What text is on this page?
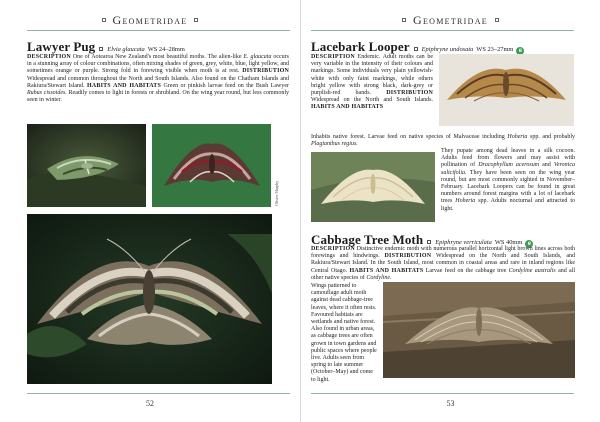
Geometridae
Lawyer Pug Elvia glaucata WS 24–28mm
DESCRIPTION One of Aotearoa New Zealand's most beautiful moths. The alien-like E. glaucata occurs in a stunning array of colour combinations, often mixing shades of green, grey, white, blue, light yellow, and sometimes orange or purple. Strong fold in forewing visible when moth is at rest. DISTRIBUTION Widespread and common throughout the North and South Islands. Also found on the Chatham Islands and Rakiura/Stewart Island. HABITS AND HABITATS Green or pinkish larvae feed on the Bush Lawyer Rubus cissoides. Readily comes to light in forests or shrubland. On the wing year round, but less commonly seen in winter.
Olivier Murphy
52
Geometridae
Lacebark Looper Epiphryne undosata WS 23–27mm e
DESCRIPTION Endemic. Adult moths can be very variable in the intensity of their colours and markings. Some individuals very plain yellowish-white with only faint markings, while others bright yellow with strong black, dark-grey or purplish-red bands.	DISTRIBUTION Widespread on the North and South Islands. HABITS AND HABITATS
Inhabits native forest. Larvae feed on native species of Malvaceae including Hoheria spp. and probably Plagianthus regius.
They pupate among dead leaves in a silk cocoon. Adults feed from flowers and may assist with pollination of Dracophyllum acerosum and Veronica salicifolia. They have been seen on the wing year round, but are most commonly sighted in November–February. Lacebark Loopers can be found in great numbers around forest margins with a lot of lacebark trees Hoheria spp. Adults nocturnal and attracted to light.
Cabbage Tree Moth Epiphryne verriculata WS 40mm e
DESCRIPTION Distinctive endemic moth with numerous parallel horizontal light brown lines across both forewings and hindwings. DISTRIBUTION Widespread on the North and South Islands, and Rakiura/Stewart Island. In the South Island, most common in coastal areas and rare in inland regions like Central Otago. HABITS AND HABITATS Larvae feed on the cabbage tree Cordyline australis and all other native species of Cordyline.
Wings patterned to camouflage adult moth against dead cabbage-tree leaves, where it often rests. Favoured habitats are wetlands and native forest. Also found in urban areas, as cabbage trees are often grown in town gardens and public spaces where people live. Adults seen from spring to late summer (October–May) and come to light.
53
